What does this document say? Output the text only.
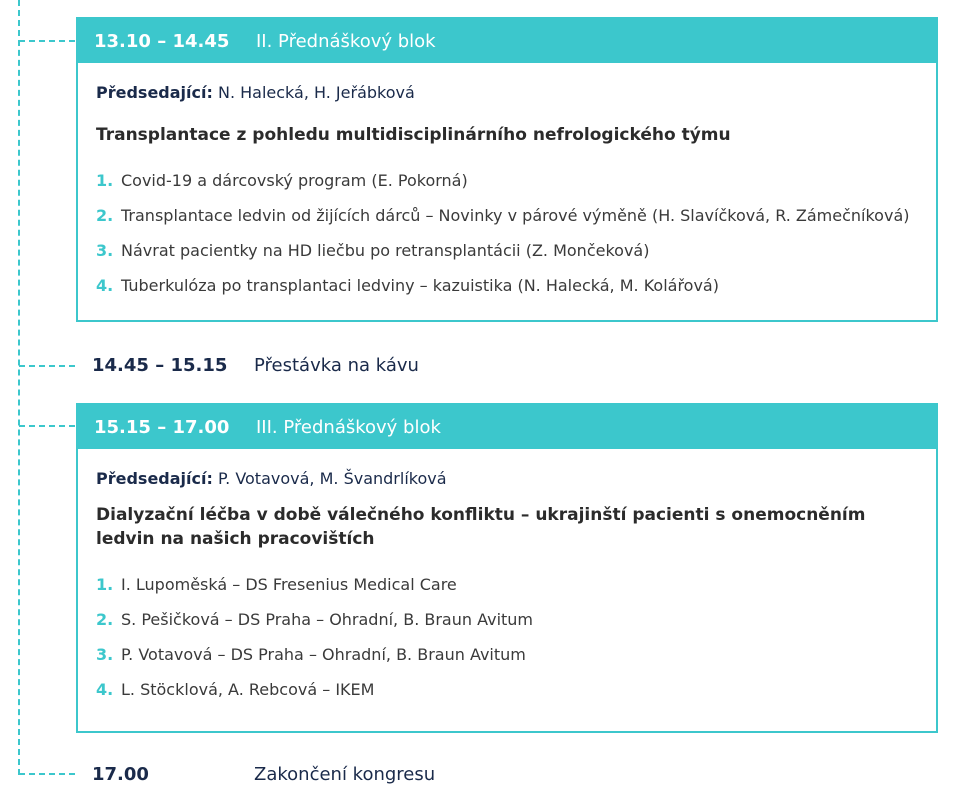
13.10 – 14.45	II. Přednáškový blok
Předsedající: N. Halecká, H. Jeřábková
Transplantace z pohledu multidisciplinárního nefrologického týmu
1. Covid-19 a dárcovský program (E. Pokorná)
2. Transplantace ledvin od žijících dárců – Novinky v párové výměně (H. Slavíčková, R. Zámečníková)
3. Návrat pacientky na HD liečbu po retransplantácii (Z. Mončeková)
4. Tuberkulóza po transplantaci ledviny – kazuistika (N. Halecká, M. Kolářová)
14.45 – 15.15	Přestávka na kávu
15.15 – 17.00	III. Přednáškový blok
Předsedající: P. Votavová, M. Švandrlíková
Dialyzační léčba v době válečného konfliktu – ukrajinští pacienti s onemocněním ledvin na našich pracovištích
1. I. Lupoměská – DS Fresenius Medical Care
2. S. Pešičková – DS Praha – Ohradní, B. Braun Avitum
3. P. Votavová – DS Praha – Ohradní, B. Braun Avitum
4. L. Stöcklová, A. Rebcová – IKEM
17.00	Zakončení kongresu
